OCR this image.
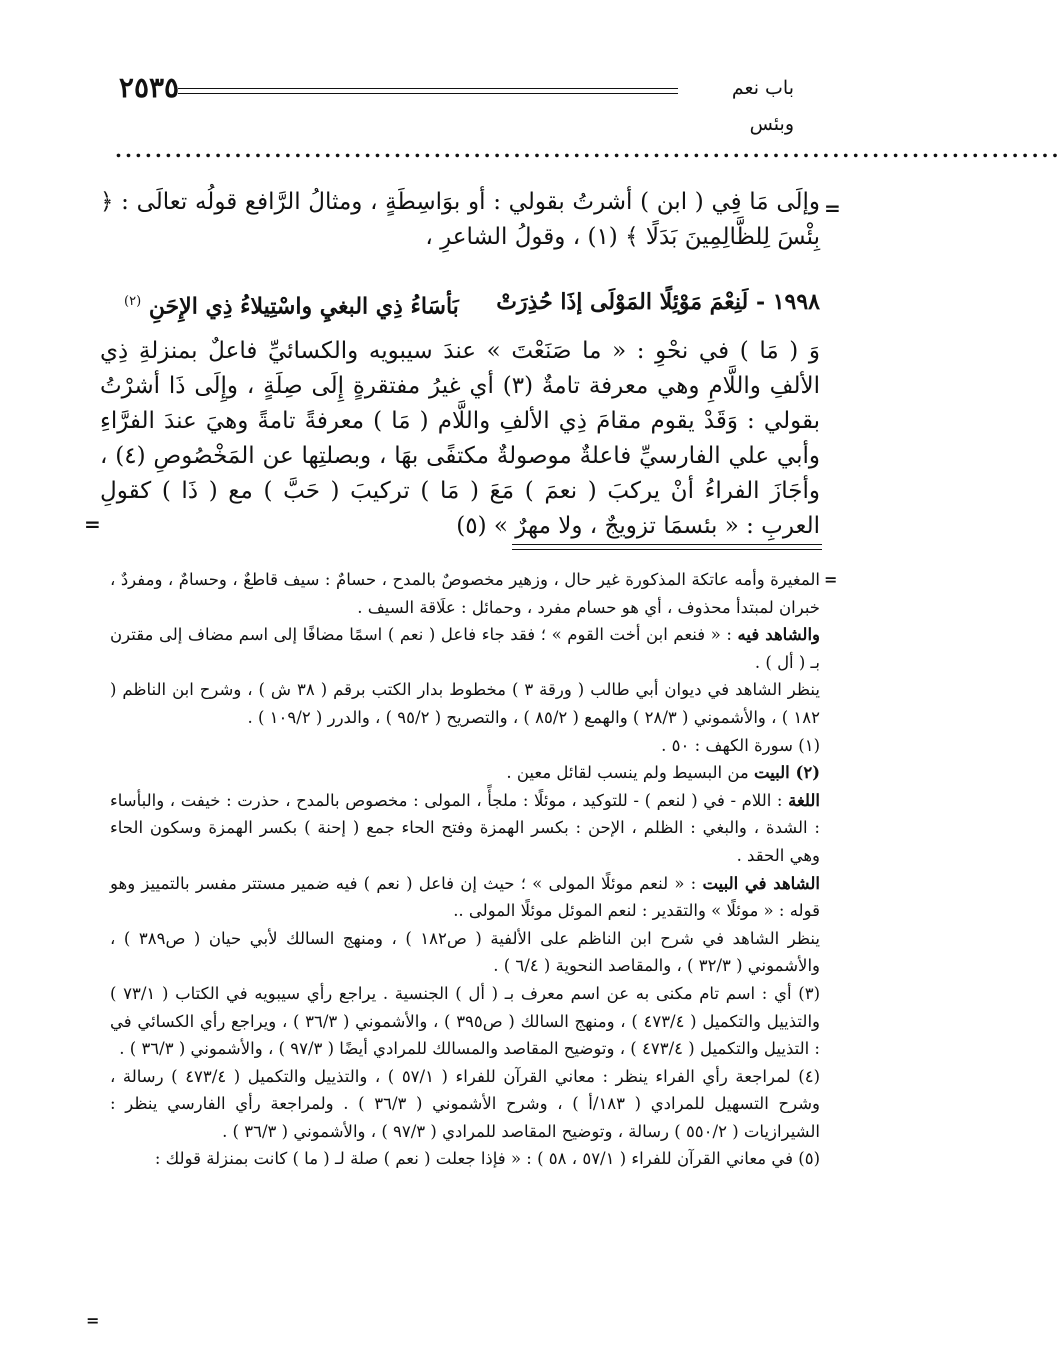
٢٥٣٥	باب نعم وبئس
...............................................................................................
=

وإلَى مَا فِي ( ابن ) أشرتُ بقولي : أو بوَاسِطَةٍ ، ومثالُ الرَّافع قولُه تعالَى : ﴿ بِئْسَ لِلظَّالِمِينَ بَدَلًا ﴾ (١) ، وقولُ الشاعرِ ،

١٩٩٨ - لَنِعْمَ مَوْئِلًا المَوْلَى إذَا حُذِرَتْ
بَأسَاءُ ذِي البغيِ واسْتِيلاءُ ذِي الإِحَنِ $^{(٢)}$

وَ ( مَا ) في نحْوِ : « ما صَنَعْتَ » عندَ سيبويه والكسائيِّ فاعلٌ بمنزلةِ ذِي الألفِ واللَّامِ وهي معرفة تامةٌ (٣) أي غيرُ مفتقرةٍ إِلَى صِلَةٍ ، وإِلَى ذَا أشرْتُ بقولي : وَقَدْ يقوم مقامَ ذِي الألفِ واللَّام ( مَا ) معرفةً تامةً وهيَ عندَ الفرَّاءِ وأبي علي الفارسيِّ فاعلةٌ موصولةٌ مكتفًى بهَا ، وبصلتِها عن المَخْصُوصِ (٤) ، وأجَازَ الفراءُ أنْ يركبَ ( نعمَ ) مَعَ ( مَا ) تركيبَ ( حَبَّ ) مع ( ذَا ) كقولِ العربِ : « بئسمَا تزويجٌ ، ولا مهرٌ » (٥)

=
=

المغيرة وأمه عاتكة المذكورة غير حال ، وزهير مخصوصٌ بالمدح ، حسامٌ : سيف قاطعٌ ، وحسامٌ ، ومفردٌ ، خبران لمبتدأ محذوف ، أي هو حسام مفرد ، وحمائل : علَاقة السيف .

والشاهد فيه : « فنعم ابن أخت القوم » ؛ فقد جاء فاعل ( نعم ) اسمًا مضافًا إلى اسم مضاف إلى مقترن بـ ( أل ) .

ينظر الشاهد في ديوان أبي طالب ( ورقة ٣ ) مخطوط بدار الكتب برقم ( ٣٨ ش ) ، وشرح ابن الناظم ( ١٨٢ ) ، والأشموني ( ٢٨/٣ ) والهمع ( ٨٥/٢ ) ، والتصريح ( ٩٥/٢ ) ، والدرر ( ١٠٩/٢ ) .

(١) سورة الكهف : ٥٠ .

(٢) البيت من البسيط ولم ينسب لقائل معين .

اللغة : اللام - في ( لنعم ) - للتوكيد ، موئلًا : ملجأً ، المولى : مخصوص بالمدح ، حذرت : خيفت ، والبأساء : الشدة ، والبغي : الظلم ، الإحن : بكسر الهمزة وفتح الحاء جمع ( إحنة ) بكسر الهمزة وسكون الحاء وهي الحقد .

الشاهد في البيت : « لنعم موئلًا المولى » ؛ حيث إن فاعل ( نعم ) فيه ضمير مستتر مفسر بالتمييز وهو قوله : « موئلًا » والتقدير : لنعم الموئل موئلًا المولى ..

ينظر الشاهد في شرح ابن الناظم على الألفية ( ص١٨٢ ) ، ومنهج السالك لأبي حيان ( ص٣٨٩ ) ، والأشموني ( ٣٢/٣ ) ، والمقاصد النحوية ( ٦/٤ ) .

(٣) أي : اسم تام مكنى به عن اسم معرف بـ ( أل ) الجنسية . يراجع رأي سيبويه في الكتاب ( ٧٣/١ ) والتذييل والتكميل ( ٤٧٣/٤ ) ، ومنهج السالك ( ص٣٩٥ ) ، والأشموني ( ٣٦/٣ ) ، ويراجع رأي الكسائي في : التذييل والتكميل ( ٤٧٣/٤ ) ، وتوضيح المقاصد والمسالك للمرادي أيضًا ( ٩٧/٣ ) ، والأشموني ( ٣٦/٣ ) .

(٤) لمراجعة رأي الفراء ينظر : معاني القرآن للفراء ( ٥٧/١ ) ، والتذييل والتكميل ( ٤٧٣/٤ ) رسالة ، وشرح التسهيل للمرادي ( ١٨٣/أ ) ، وشرح الأشموني ( ٣٦/٣ ) . ولمراجعة رأي الفارسي ينظر : الشيرازيات ( ٥٥٠/٢ ) رسالة ، وتوضيح المقاصد للمرادي ( ٩٧/٣ ) ، والأشموني ( ٣٦/٣ ) .

(٥) في معاني القرآن للفراء ( ٥٧/١ ، ٥٨ ) : « فإذا جعلت ( نعم ) صلة لـ ( ما ) كانت بمنزلة قولك :

=
